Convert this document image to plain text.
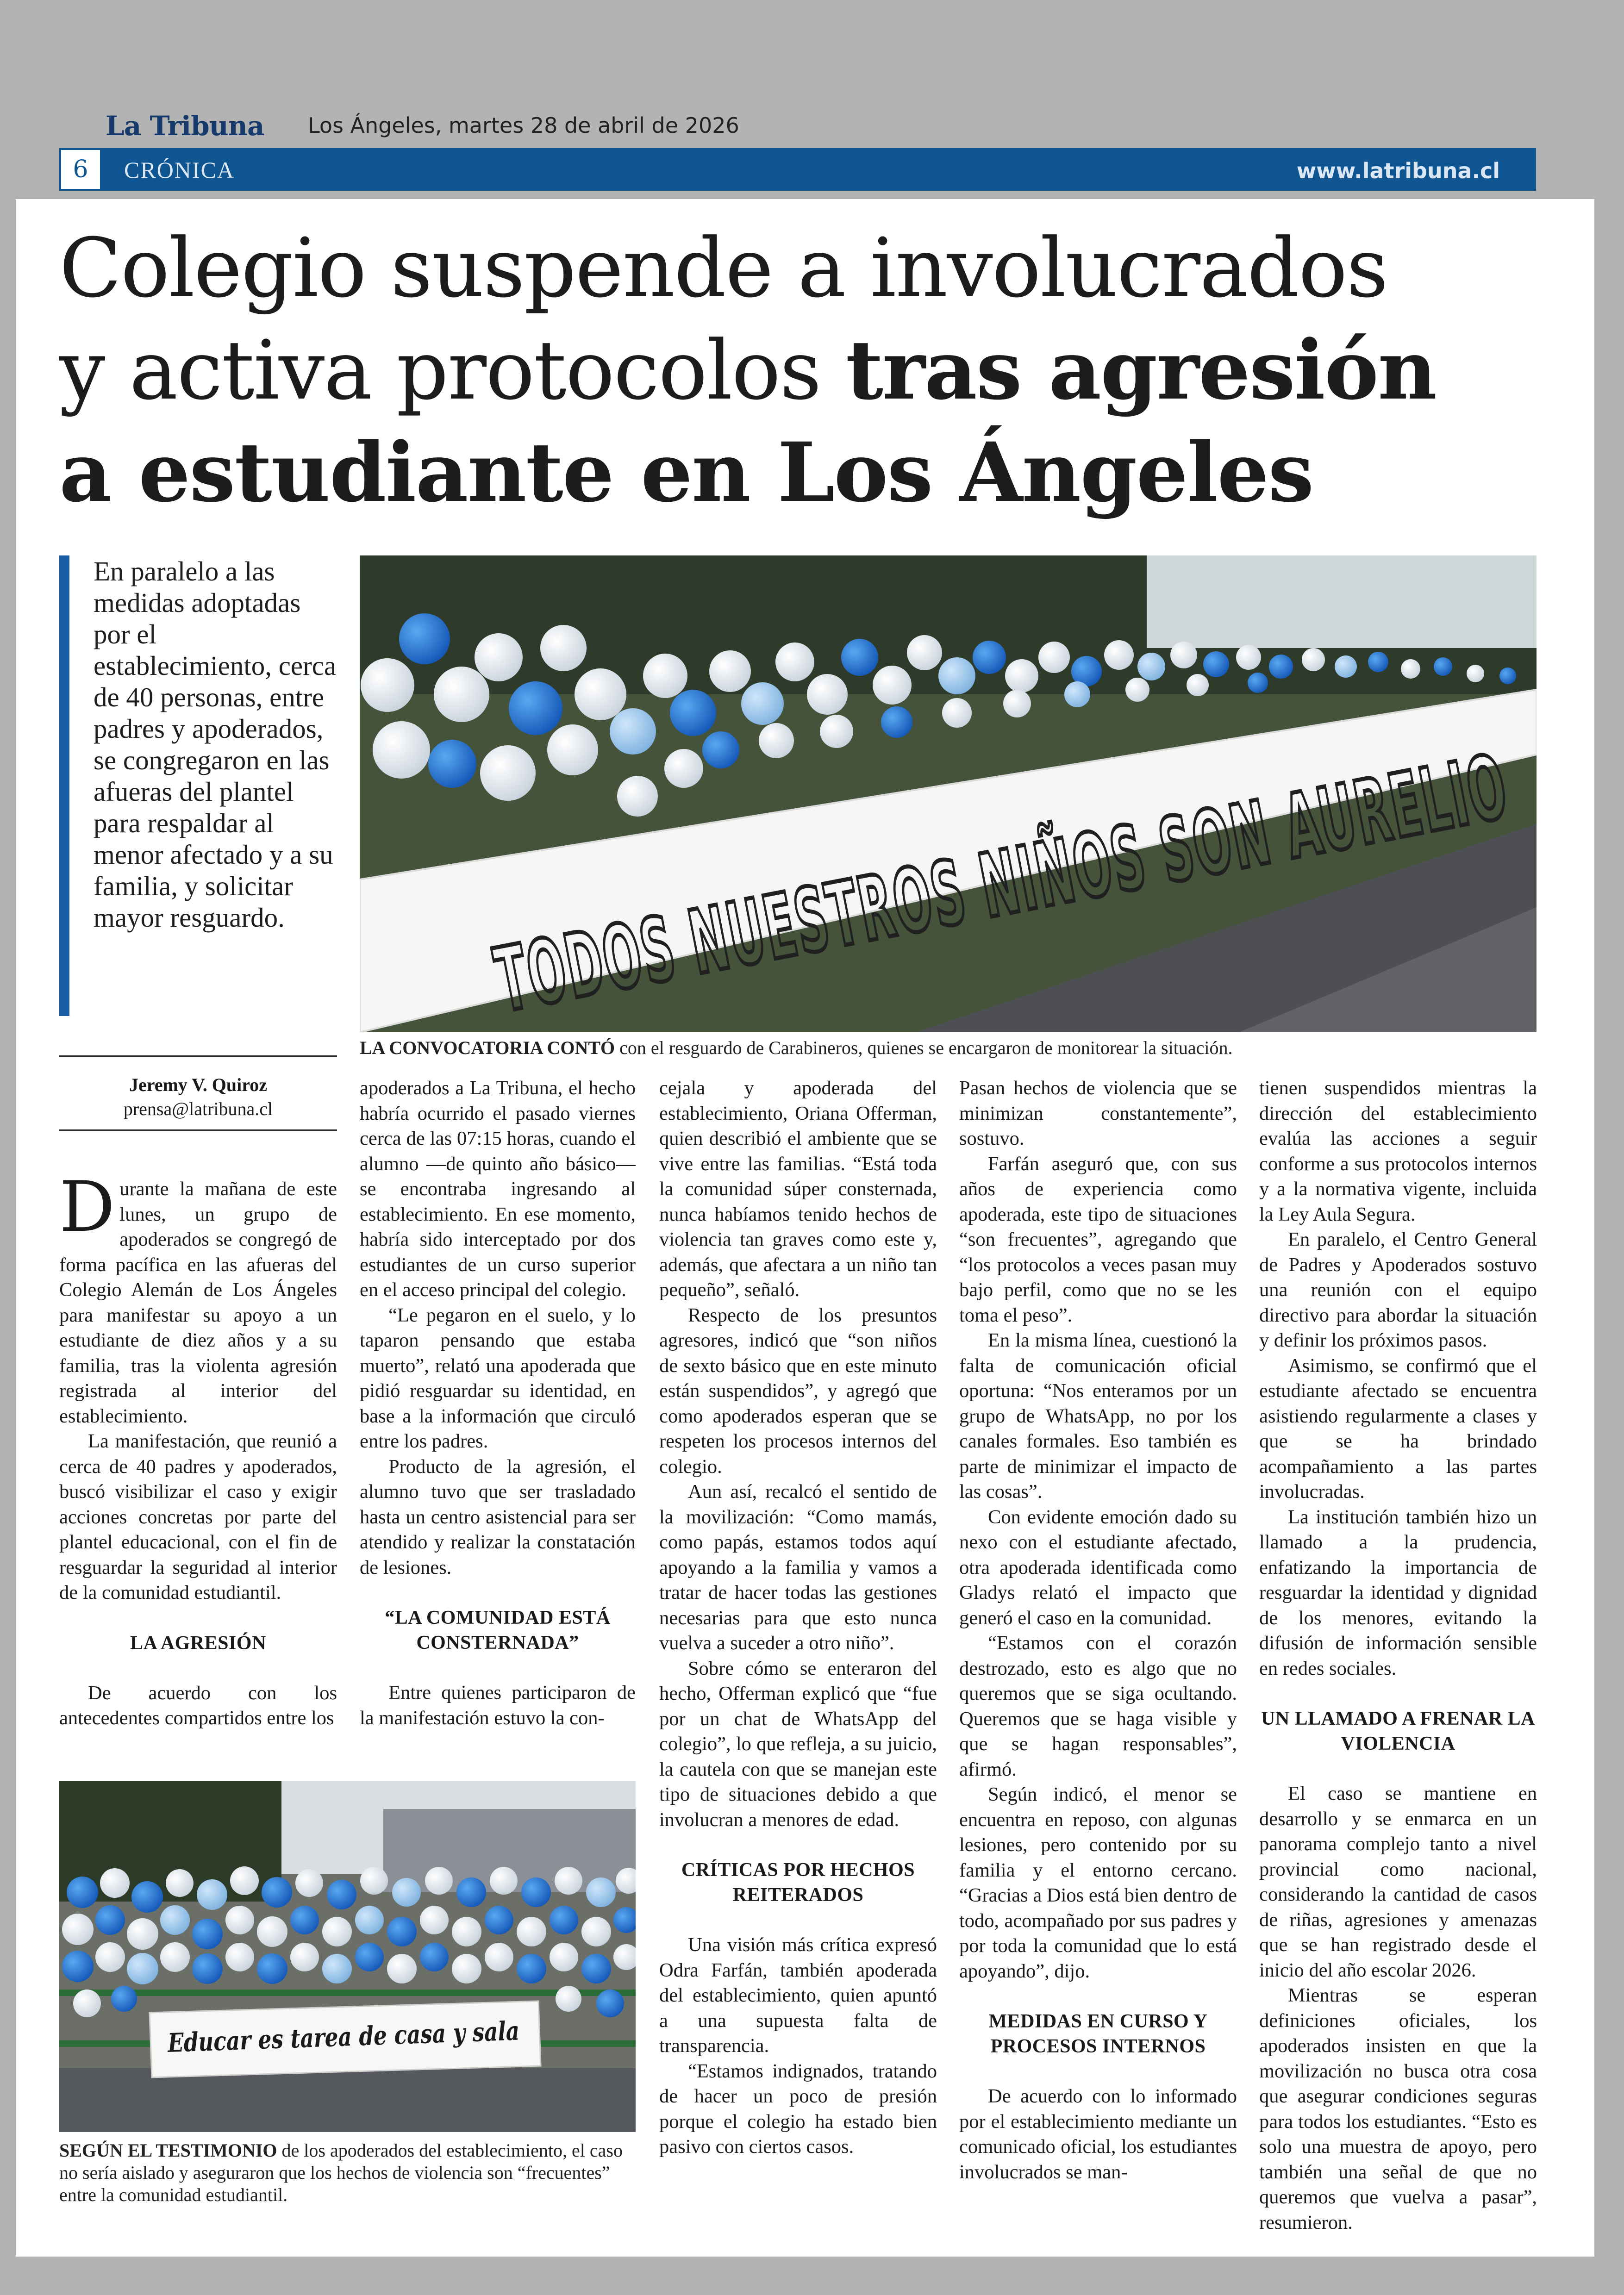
La Tribuna Los Ángeles, martes 28 de abril de 2026
6	CRÓNICA	www.latribuna.cl
Colegio suspende a involucrados
y activa protocolos tras agresión
a estudiante en Los Ángeles
En paralelo a las medidas adoptadas por el establecimiento, cerca de 40 personas, entre padres y apoderados, se congregaron en las afueras del plantel para respaldar al menor afectado y a su familia, y solicitar mayor resguardo.
LA CONVOCATORIA CONTÓ con el resguardo de Carabineros, quienes se encargaron de monitorear la situación.
Jeremy V. Quiroz
prensa@latribuna.cl

Durante la mañana de este lunes, un grupo de apoderados se congregó de forma pacífica en las afueras del Colegio Alemán de Los Ángeles para manifestar su apoyo a un estudiante de diez años y a su familia, tras la violenta agresión registrada al interior del establecimiento.

La manifestación, que reunió a cerca de 40 padres y apoderados, buscó visibilizar el caso y exigir acciones concretas por parte del plantel educacional, con el fin de resguardar la seguridad al interior de la comunidad estudiantil.

LA AGRESIÓN

De acuerdo con los antecedentes compartidos entre los

Educar es tarea de casa y sala
SEGÚN EL TESTIMONIO de los apoderados del establecimiento, el caso no sería aislado y aseguraron que los hechos de violencia son “frecuentes” entre la comunidad estudiantil.

apoderados a La Tribuna, el hecho habría ocurrido el pasado viernes cerca de las 07:15 horas, cuando el alumno —de quinto año básico— se encontraba ingresando al establecimiento. En ese momento, habría sido interceptado por dos estudiantes de un curso superior en el acceso principal del colegio.

“Le pegaron en el suelo, y lo taparon pensando que estaba muerto”, relató una apoderada que pidió resguardar su identidad, en base a la información que circuló entre los padres.

Producto de la agresión, el alumno tuvo que ser trasladado hasta un centro asistencial para ser atendido y realizar la constatación de lesiones.

“LA COMUNIDAD ESTÁ CONSTERNADA”

Entre quienes participaron de la manifestación estuvo la con-

cejala y apoderada del establecimiento, Oriana Offerman, quien describió el ambiente que se vive entre las familias. “Está toda la comunidad súper consternada, nunca habíamos tenido hechos de violencia tan graves como este y, además, que afectara a un niño tan pequeño”, señaló.

Respecto de los presuntos agresores, indicó que “son niños de sexto básico que en este minuto están suspendidos”, y agregó que como apoderados esperan que se respeten los procesos internos del colegio.

Aun así, recalcó el sentido de la movilización: “Como mamás, como papás, estamos todos aquí apoyando a la familia y vamos a tratar de hacer todas las gestiones necesarias para que esto nunca vuelva a suceder a otro niño”.

Sobre cómo se enteraron del hecho, Offerman explicó que “fue por un chat de WhatsApp del colegio”, lo que refleja, a su juicio, la cautela con que se manejan este tipo de situaciones debido a que involucran a menores de edad.

CRÍTICAS POR HECHOS REITERADOS

Una visión más crítica expresó Odra Farfán, también apoderada del establecimiento, quien apuntó a una supuesta falta de transparencia.

“Estamos indignados, tratando de hacer un poco de presión porque el colegio ha estado bien pasivo con ciertos casos.

Pasan hechos de violencia que se minimizan constantemente”, sostuvo.

Farfán aseguró que, con sus años de experiencia como apoderada, este tipo de situaciones “son frecuentes”, agregando que “los protocolos a veces pasan muy bajo perfil, como que no se les toma el peso”.

En la misma línea, cuestionó la falta de comunicación oficial oportuna: “Nos enteramos por un grupo de WhatsApp, no por los canales formales. Eso también es parte de minimizar el impacto de las cosas”.

Con evidente emoción dado su nexo con el estudiante afectado, otra apoderada identificada como Gladys relató el impacto que generó el caso en la comunidad.

“Estamos con el corazón destrozado, esto es algo que no queremos que se siga ocultando. Queremos que se haga visible y que se hagan responsables”, afirmó.

Según indicó, el menor se encuentra en reposo, con algunas lesiones, pero contenido por su familia y el entorno cercano. “Gracias a Dios está bien dentro de todo, acompañado por sus padres y por toda la comunidad que lo está apoyando”, dijo.

MEDIDAS EN CURSO Y PROCESOS INTERNOS

De acuerdo con lo informado por el establecimiento mediante un comunicado oficial, los estudiantes involucrados se man-

tienen suspendidos mientras la dirección del establecimiento evalúa las acciones a seguir conforme a sus protocolos internos y a la normativa vigente, incluida la Ley Aula Segura.

En paralelo, el Centro General de Padres y Apoderados sostuvo una reunión con el equipo directivo para abordar la situación y definir los próximos pasos.

Asimismo, se confirmó que el estudiante afectado se encuentra asistiendo regularmente a clases y que se ha brindado acompañamiento a las partes involucradas.

La institución también hizo un llamado a la prudencia, enfatizando la importancia de resguardar la identidad y dignidad de los menores, evitando la difusión de información sensible en redes sociales.

UN LLAMADO A FRENAR LA VIOLENCIA

El caso se mantiene en desarrollo y se enmarca en un panorama complejo tanto a nivel provincial como nacional, considerando la cantidad de casos de riñas, agresiones y amenazas que se han registrado desde el inicio del año escolar 2026.

Mientras se esperan definiciones oficiales, los apoderados insisten en que la movilización no busca otra cosa que asegurar condiciones seguras para todos los estudiantes. “Esto es solo una muestra de apoyo, pero también una señal de que no queremos que vuelva a pasar”, resumieron.
